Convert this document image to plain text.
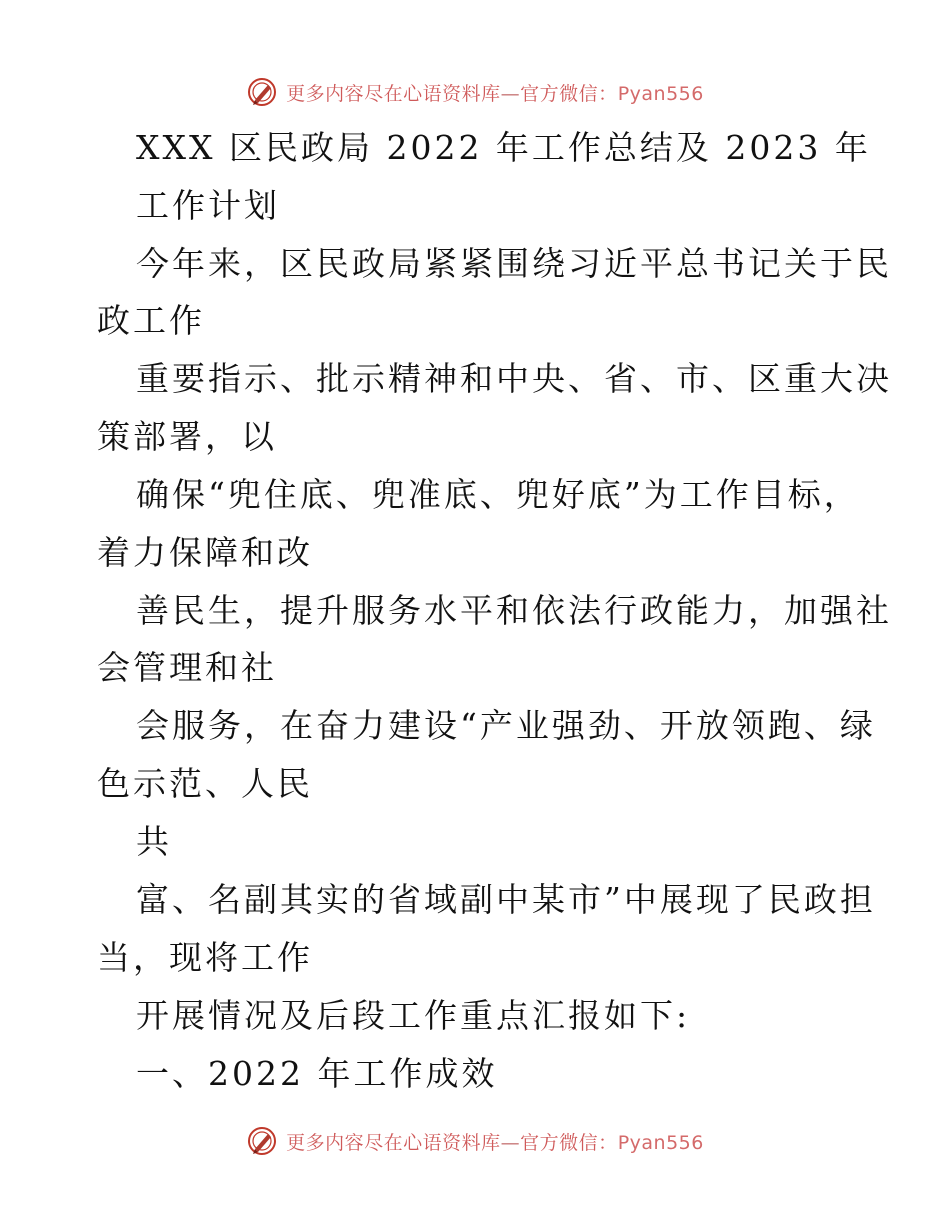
更多内容尽在心语资料库—官方微信：Pyan556
XXX 区民政局 2022 年工作总结及 2023 年
工作计划
今年来，区民政局紧紧围绕习近平总书记关于民
政工作
重要指示、批示精神和中央、省、市、区重大决
策部署，以
确保“兜住底、兜准底、兜好底”为工作目标，
着力保障和改
善民生，提升服务水平和依法行政能力，加强社
会管理和社
会服务，在奋力建设“产业强劲、开放领跑、绿
色示范、人民
共
富、名副其实的省域副中某市”中展现了民政担
当，现将工作
开展情况及后段工作重点汇报如下:
一、2022 年工作成效
更多内容尽在心语资料库—官方微信：Pyan556
